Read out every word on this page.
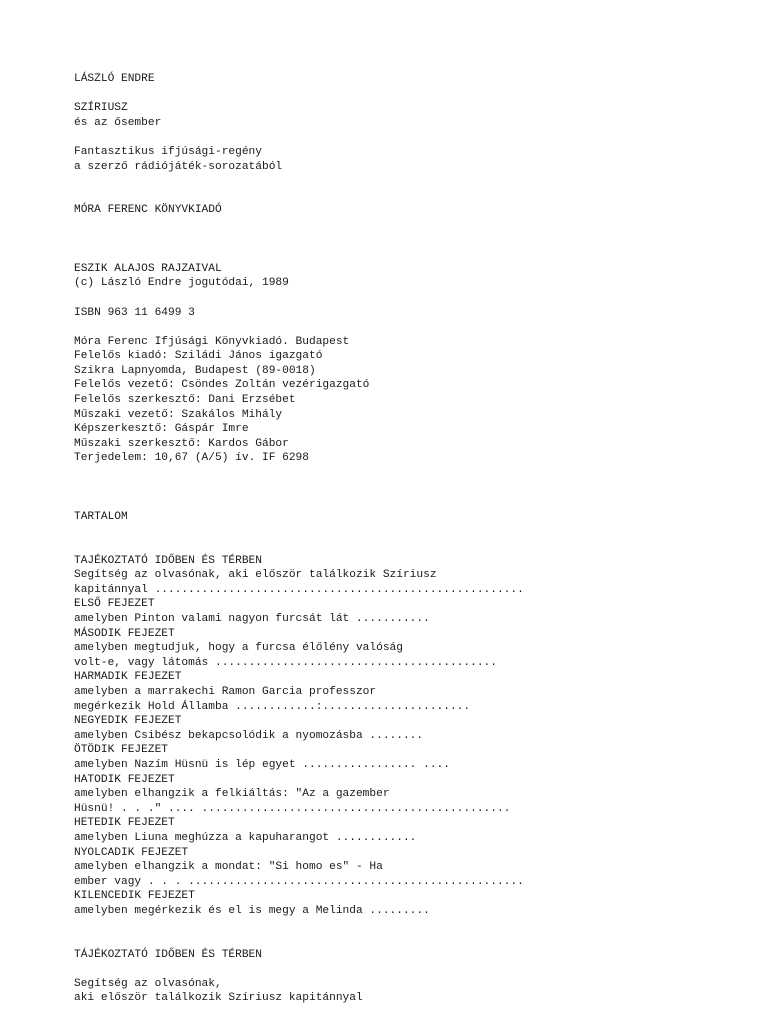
LÁSZLÓ ENDRE
SZÍRIUSZ
és az ősember
Fantasztikus ifjúsági-regény
a szerző rádiójáték-sorozatából
MÓRA FERENC KÖNYVKIADÓ
ESZIK ALAJOS RAJZAIVAL
(c) László Endre jogutódai, 1989
ISBN 963 11 6499 3
Móra Ferenc Ifjúsági Könyvkiadó. Budapest
Felelős kiadó: Sziládi János igazgató
Szikra Lapnyomda, Budapest (89-0018)
Felelős vezető: Csöndes Zoltán vezérigazgató
Felelős szerkesztő: Dani Erzsébet
Műszaki vezető: Szakálos Mihály
Képszerkesztő: Gáspár Imre
Műszaki szerkesztő: Kardos Gábor
Terjedelem: 10,67 (A/5) ív. IF 6298
TARTALOM
TAJÉKOZTATÓ IDŐBEN ÉS TÉRBEN
Segítség az olvasónak, aki először találkozik Szíriusz
kapitánnyal .......................................................
ELSŐ FEJEZET
amelyben Pinton valami nagyon furcsát lát ...........
MÁSODIK FEJEZET
amelyben megtudjuk, hogy a furcsa élőlény valóság
volt-e, vagy látomás ..........................................
HARMADIK FEJEZET
amelyben a marrakechi Ramon Garcia professzor
megérkezik Hold Államba ............:......................
NEGYEDIK FEJEZET
amelyben Csibész bekapcsolódik a nyomozásba ........
ÖTÖDIK FEJEZET
amelyben Nazím Hüsnü is lép egyet ................. ....
HATODIK FEJEZET
amelyben elhangzik a felkiáltás: "Az a gazember
Hüsnü! . . ." .... ..............................................
HETEDIK FEJEZET
amelyben Liuna meghúzza a kapuharangot ............
NYOLCADIK FEJEZET
amelyben elhangzik a mondat: "Si homo es" - Ha
ember vagy . . . ..................................................
KILENCEDIK FEJEZET
amelyben megérkezik és el is megy a Melinda .........
TÁJÉKOZTATÓ IDŐBEN ÉS TÉRBEN
Segítség az olvasónak,
aki először találkozik Szíriusz kapitánnyal
